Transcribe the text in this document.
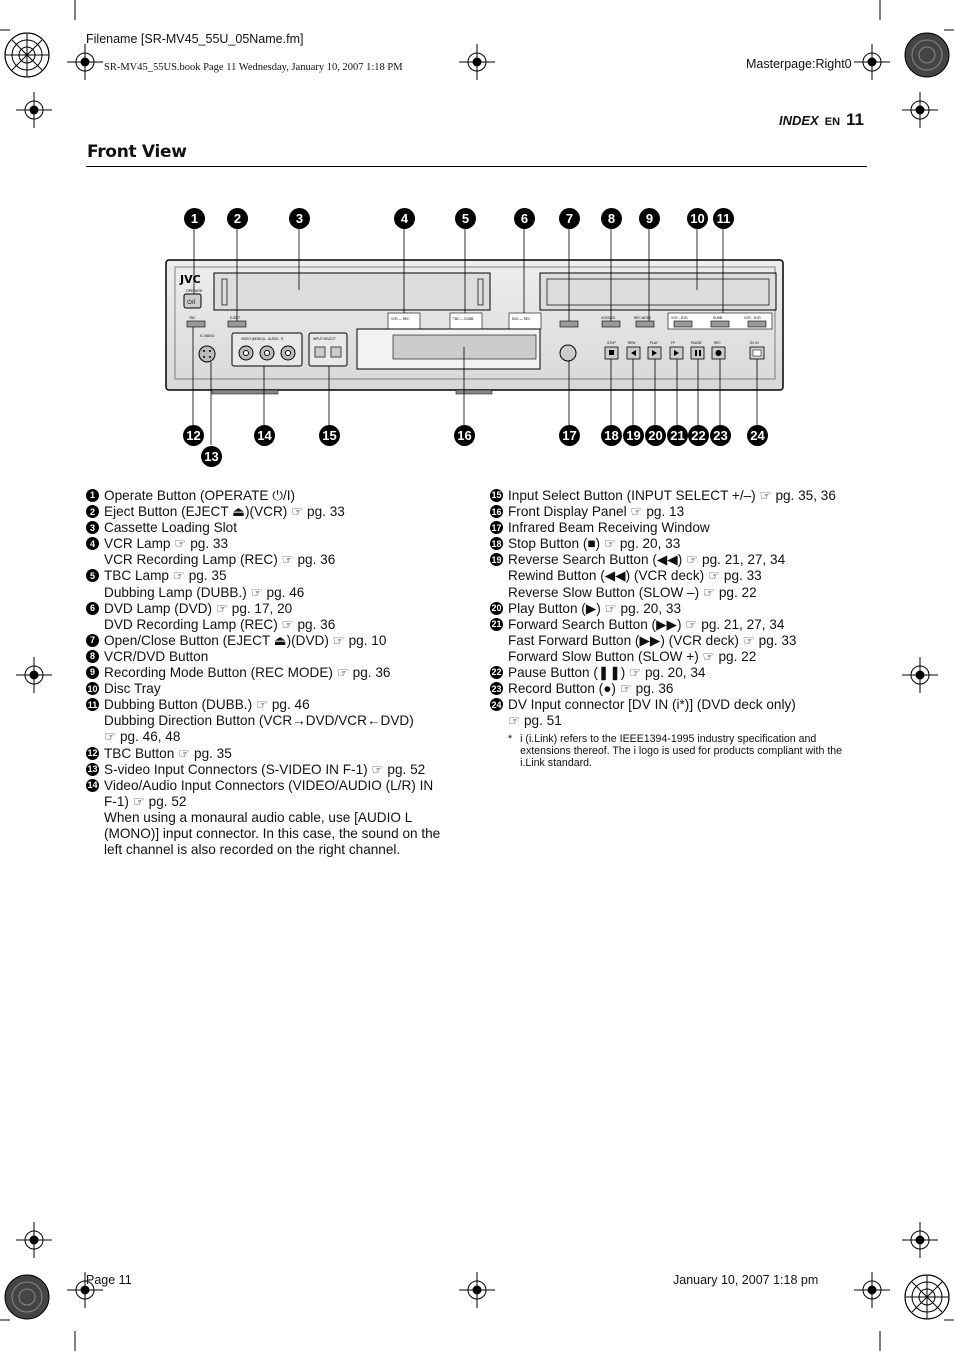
Filename [SR-MV45_55U_05Name.fm]
SR-MV45_55US.book Page 11 Wednesday, January 10, 2007 1:18 PM	Masterpage:Right0
INDEX EN 11
Front View
JVC
OPERATE
⏻/I
TBC	EJECT	VCR — REC	TBC — DUBB.	DVD — REC	VCR/DVD	REC MODE	VCR→DVD	DUBB.	VCR←DVD
S-VIDEO
VIDEO (MONO)L - AUDIO - R	INPUT SELECT
STOP	REW	PLAY	FF	PAUSE	REC	DV IN
1	2	3	4	5	6	7	8	9	10 11
12
13
14	15	16	17 18 19 20 21 22 23 24
1 Operate Button (OPERATE ⏻/I)
2 Eject Button (EJECT ⏏)(VCR) ☞ pg. 33
3 Cassette Loading Slot
4 VCR Lamp ☞ pg. 33
VCR Recording Lamp (REC) ☞ pg. 36
5 TBC Lamp ☞ pg. 35
Dubbing Lamp (DUBB.) ☞ pg. 46
6 DVD Lamp (DVD) ☞ pg. 17, 20
DVD Recording Lamp (REC) ☞ pg. 36
7 Open/Close Button (EJECT ⏏)(DVD) ☞ pg. 10
8 VCR/DVD Button
9 Recording Mode Button (REC MODE) ☞ pg. 36
10 Disc Tray
11 Dubbing Button (DUBB.) ☞ pg. 46
Dubbing Direction Button (VCR→DVD/VCR←DVD)
☞ pg. 46, 48
12 TBC Button ☞ pg. 35
13 S-video Input Connectors (S-VIDEO IN F-1) ☞ pg. 52
14 Video/Audio Input Connectors (VIDEO/AUDIO (L/R) IN
F-1) ☞ pg. 52
When using a monaural audio cable, use [AUDIO L
(MONO)] input connector. In this case, the sound on the
left channel is also recorded on the right channel.
15 Input Select Button (INPUT SELECT +/–) ☞ pg. 35, 36
16 Front Display Panel ☞ pg. 13
17 Infrared Beam Receiving Window
18 Stop Button (■) ☞ pg. 20, 33
19 Reverse Search Button (◀◀) ☞ pg. 21, 27, 34
Rewind Button (◀◀) (VCR deck) ☞ pg. 33
Reverse Slow Button (SLOW –) ☞ pg. 22
20 Play Button (▶) ☞ pg. 20, 33
21 Forward Search Button (▶▶) ☞ pg. 21, 27, 34
Fast Forward Button (▶▶) (VCR deck) ☞ pg. 33
Forward Slow Button (SLOW +) ☞ pg. 22
22 Pause Button (❚❚) ☞ pg. 20, 34
23 Record Button (●) ☞ pg. 36
24 DV Input connector [DV IN (i*)] (DVD deck only)
☞ pg. 51
* i (i.Link) refers to the IEEE1394-1995 industry specification and
extensions thereof. The i logo is used for products compliant with the
i.Link standard.
Page 11	January 10, 2007 1:18 pm
